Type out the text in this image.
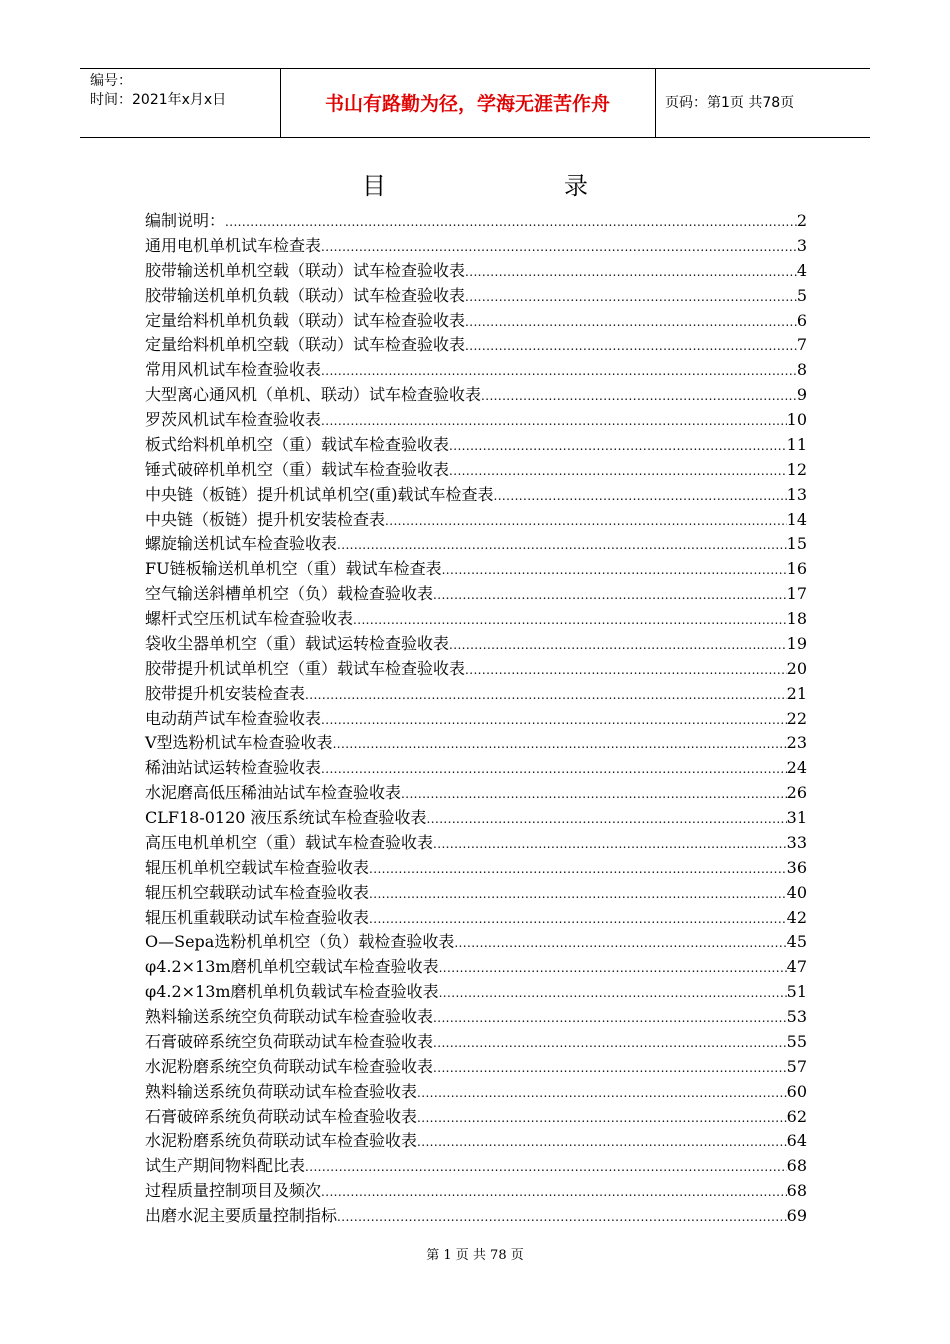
编号：
时间：2021年x月x日	书山有路勤为径，学海无涯苦作舟	页码：第1页 共78页
目	录
编制说明： .....	2
通用电机单机试车检查表 .....	3
胶带输送机单机空载（联动）试车检查验收表 .....	4
胶带输送机单机负载（联动）试车检查验收表 .....	5
定量给料机单机负载（联动）试车检查验收表 .....	6
定量给料机单机空载（联动）试车检查验收表 .....	7
常用风机试车检查验收表 .....	8
大型离心通风机（单机、联动）试车检查验收表 .....	9
罗茨风机试车检查验收表 .....	10
板式给料机单机空（重）载试车检查验收表 .....	11
锤式破碎机单机空（重）载试车检查验收表 .....	12
中央链（板链）提升机试单机空(重)载试车检查表 .....	13
中央链（板链）提升机安装检查表 .....	14
螺旋输送机试车检查验收表 .....	15
FU链板输送机单机空（重）载试车检查表 .....	16
空气输送斜槽单机空（负）载检查验收表 .....	17
螺杆式空压机试车检查验收表 .....	18
袋收尘器单机空（重）载试运转检查验收表 .....	19
胶带提升机试单机空（重）载试车检查验收表 .....	20
胶带提升机安装检查表 .....	21
电动葫芦试车检查验收表 .....	22
V型选粉机试车检查验收表 .....	23
稀油站试运转检查验收表 .....	24
水泥磨高低压稀油站试车检查验收表 .....	26
CLF18-0120 液压系统试车检查验收表 .....	31
高压电机单机空（重）载试车检查验收表 .....	33
辊压机单机空载试车检查验收表 .....	36
辊压机空载联动试车检查验收表 .....	40
辊压机重载联动试车检查验收表 .....	42
O—Sepa选粉机单机空（负）载检查验收表 .....	45
φ4.2×13m磨机单机空载试车检查验收表 .....	47
φ4.2×13m磨机单机负载试车检查验收表 .....	51
熟料输送系统空负荷联动试车检查验收表 .....	53
石膏破碎系统空负荷联动试车检查验收表 .....	55
水泥粉磨系统空负荷联动试车检查验收表 .....	57
熟料输送系统负荷联动试车检查验收表 .....	60
石膏破碎系统负荷联动试车检查验收表 .....	62
水泥粉磨系统负荷联动试车检查验收表 .....	64
试生产期间物料配比表 .....	68
过程质量控制项目及频次 .....	68
出磨水泥主要质量控制指标 .....	69
第 1 页 共 78 页
